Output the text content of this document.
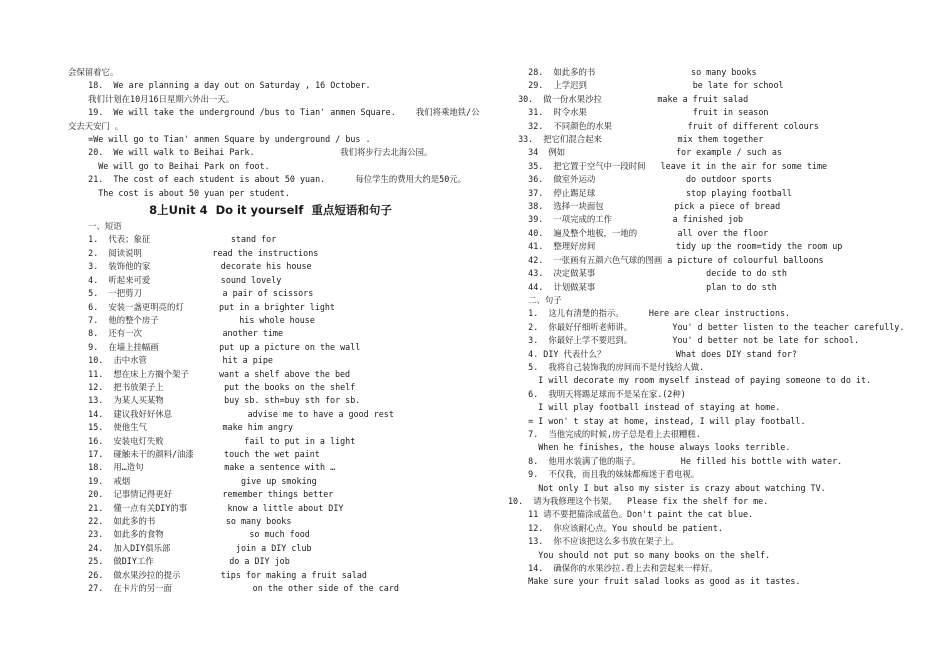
会保留着它。
18.  We are planning a day out on Saturday , 16 October.
我们计划在10月16日星期六外出一天。
19.  We will take the underground /bus to Tian' anmen Square.    我们将乘地铁/公
交去天安门 。
=We will go to Tian' anmen Square by underground / bus .
20.  We will walk to Beihai Park.                 我们将步行去北海公园。
We will go to Beihai Park on foot.
21.  The cost of each student is about 50 yuan.      每位学生的费用大约是50元。
The cost is about 50 yuan per student.
8上Unit 4  Do it yourself  重点短语和句子
一、短语
1.  代表；象征                stand for
2.  阅读说明              read the instructions
3.  装饰他的家              decorate his house
4.  听起来可爱              sound lovely
5.  一把剪刀                a pair of scissors
6.  安装一盏更明亮的灯       put in a brighter light
7.  他的整个房子                his whole house
8.  还有一次                another time
9.  在墙上挂幅画            put up a picture on the wall
10.  击中水管               hit a pipe
11.  想在床上方搁个架子      want a shelf above the bed
12.  把书放架子上            put the books on the shelf
13.  为某人买某物            buy sb. sth=buy sth for sb.
14.  建议我好好休息               advise me to have a good rest
15.  使他生气               make him angry
16.  安装电灯失败                fail to put in a light
17.  碰触未干的颜料/油漆      touch the wet paint
18.  用…造句                make a sentence with …
19.  戒烟                      give up smoking
20.  记事情记得更好          remember things better
21.  懂一点有关DIY的事        know a little about DIY
22.  如此多的书              so many books
23.  如此多的食物                 so much food
24.  加入DIY俱乐部             join a DIY club
25.  做DIY工作               do a DIY job
26.  做水果沙拉的提示        tips for making a fruit salad
27.  在卡片的另一面                on the other side of the card
28.  如此多的书                   so many books
29.  上学迟到                     be late for school
30.  做一份水果沙拉           make a fruit salad
31.  时令水果                     fruit in season
32.  不同颜色的水果               fruit of different colours
33.  把它们混合起来               mix them together
34  例如                      for example / such as
35.  把它置于空气中一段时间   leave it in the air for some time
36.  做室外运动                  do outdoor sports
37.  停止踢足球                  stop playing football
38.  选择一块面包              pick a piece of bread
39.  一项完成的工作            a finished job
40.  遍及整个地板，一地的        all over the floor
41.  整理好房间                tidy up the room=tidy the room up
42.  一张画有五颜六色气球的图画 a picture of colourful balloons
43.  决定做某事                      decide to do sth
44.  计划做某事                      plan to do sth
二、句子
1.  这儿有清楚的指示。     Here are clear instructions.
2.  你最好仔细听老师讲。        You' d better listen to the teacher carefully.
3.  你最好上学不要迟到。        You' d better not be late for school.
4. DIY 代表什么？              What does DIY stand for?
5.  我将自己装饰我的房间而不是付钱给人做.
I will decorate my room myself instead of paying someone to do it.
6.  我明天将踢足球而不是呆在家.(2种)
I will play football instead of staying at home.
= I won' t stay at home, instead, I will play football.
7.  当他完成的时候,房子总是看上去很糟糕.
When he finishes, the house always looks terrible.
8.  他用水装满了他的瓶子。        He filled his bottle with water.
9.  不仅我，而且我的妹妹都痴迷于看电视。
Not only I but also my sister is crazy about watching TV.
10.  请为我修理这个书架。  Please fix the shelf for me.
11 请不要把猫涂成蓝色。Don't paint the cat blue.
12.  你应该耐心点。You should be patient.
13.  你不应该把这么多书放在架子上。
You should not put so many books on the shelf.
14.  确保你的水果沙拉.看上去和尝起来一样好。
Make sure your fruit salad looks as good as it tastes.
